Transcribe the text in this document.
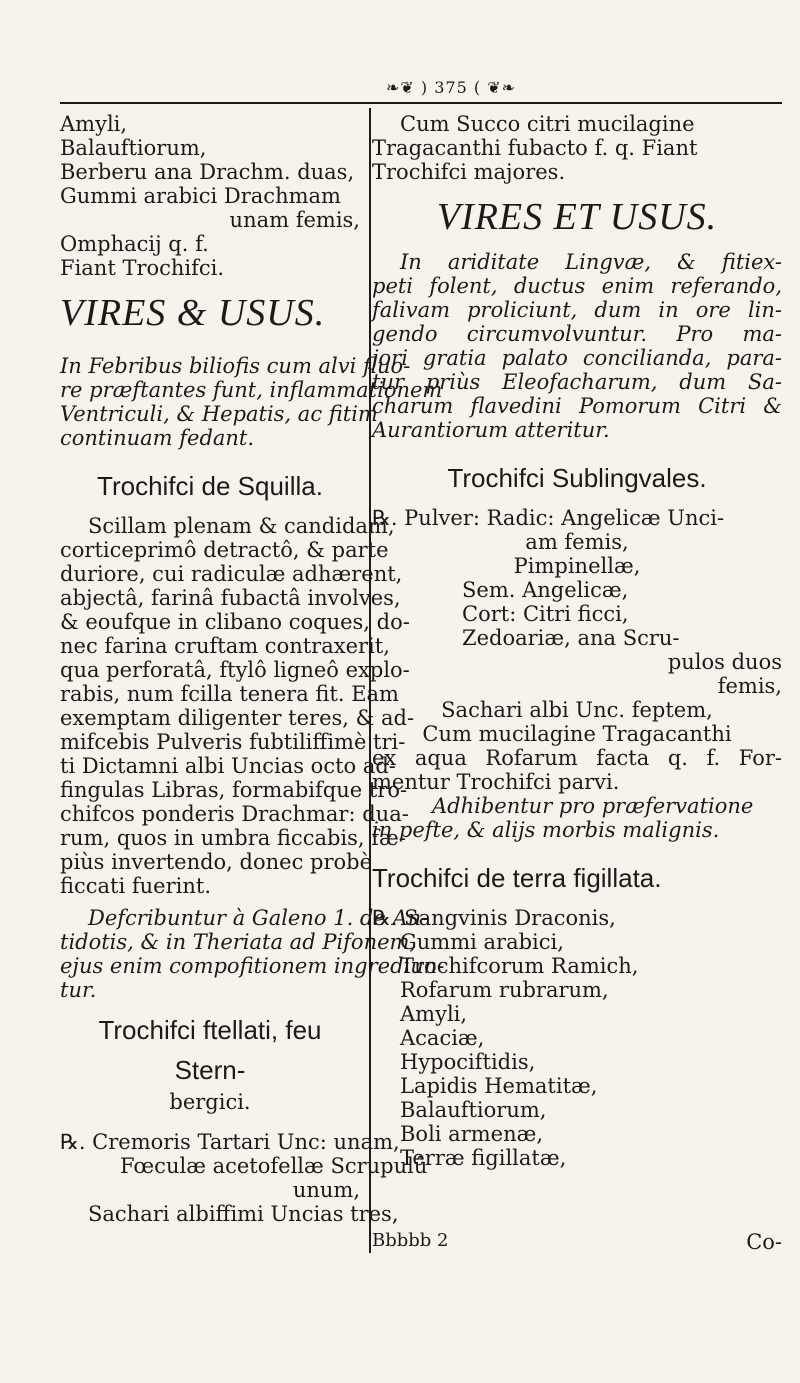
❧❦ ) 375 ( ❦❧
Amyli,
Balauftiorum,
Berberu ana Drachm. duas,
Gummi arabici Drachmam
unam femis,
Omphacij q. f.
Fiant Trochifci.
VIRES & USUS.
In Febribus biliofis cum alvi fluo-
re præftantes funt, inflammationem
Ventriculi, & Hepatis, ac fitim
continuam fedant.
Trochifci de Squilla.
Scillam plenam & candidam,
corticeprimô detractô, & parte
duriore, cui radiculæ adhærent,
abjectâ, farinâ fubactâ involves,
& eoufque in clibano coques, do-
nec farina cruftam contraxerit,
qua perforatâ, ftylô ligneô explo-
rabis, num fcilla tenera fit. Eam
exemptam diligenter teres, & ad-
mifcebis Pulveris fubtiliffimè tri-
ti Dictamni albi Uncias octo ad-
fingulas Libras, formabifque tro-
chifcos ponderis Drachmar: dua-
rum, quos in umbra ficcabis, fæ-
piùs invertendo, donec probè
ficcati fuerint.
Defcribuntur à Galeno 1. de An-
tidotis, & in Theriata ad Pifonem,
ejus enim compofitionem ingrediun-
tur.
Trochifci ftellati, feu Stern-
bergici.
℞. Cremoris Tartari Unc: unam,
Fœculæ acetofellæ Scrupulû
unum,
Sachari albiffimi Uncias tres,
Cum Succo citri mucilagine
Tragacanthi fubacto f. q. Fiant
Trochifci majores.
VIRES ET USUS.
In ariditate Lingvæ, & fitiex-
peti folent, ductus enim referando,
falivam proliciunt, dum in ore lin-
gendo circumvolvuntur. Pro ma-
jori gratia palato concilianda, para-
tur priùs Eleofacharum, dum Sa-
charum flavedini Pomorum Citri &
Aurantiorum atteritur.
Trochifci Sublingvales.
℞. Pulver: Radic: Angelicæ Unci-
am femis,
Pimpinellæ,
Sem. Angelicæ,
Cort: Citri ficci,
Zedoariæ, ana Scru-
pulos duos
femis,
Sachari albi Unc. feptem,
Cum mucilagine Tragacanthi
ex aqua Rofarum facta q. f. For-
mentur Trochifci parvi.
Adhibentur pro præfervatione
in pefte, & alijs morbis malignis.
Trochifci de terra figillata.
℞. Sangvinis Draconis,
Gummi arabici,
Trochifcorum Ramich,
Rofarum rubrarum,
Amyli,
Acaciæ,
Hypociftidis,
Lapidis Hematitæ,
Balauftiorum,
Boli armenæ,
Terræ figillatæ,
Bbbbb 2	Co-
